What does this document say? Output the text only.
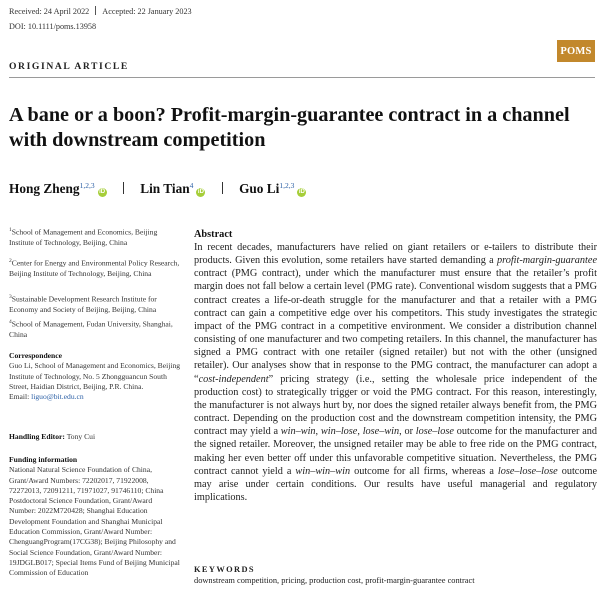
Received: 24 April 2022 Accepted: 22 January 2023
DOI: 10.1111/poms.13958
POMS
ORIGINAL ARTICLE
A bane or a boon? Profit-margin-guarantee contract in a channel with downstream competition
Hong Zheng$^{1,2,3}$iD	Lin Tian$^4$iD	Guo Li$^{1,2,3}$iD
$^1$School of Management and Economics, Beijing Institute of Technology, Beijing, China
$^2$Center for Energy and Environmental Policy Research, Beijing Institute of Technology, Beijing, China
$^3$Sustainable Development Research Institute for Economy and Society of Beijing, Beijing, China
$^4$School of Management, Fudan University, Shanghai, China
Correspondence
Guo Li, School of Management and Economics, Beijing Institute of Technology, No. 5 Zhongguancun South Street, Haidian District, Beijing, P.R. China.
Email: liguo@bit.edu.cn
Handling Editor: Tony Cui
Funding information
National Natural Science Foundation of China, Grant/Award Numbers: 72202017, 71922008, 72272013, 72091211, 71971027, 91746110; China Postdoctoral Science Foundation, Grant/Award Number: 2022M720428; Shanghai Education Development Foundation and Shanghai Municipal Education Commission, Grant/Award Number: ChenguangProgram(17CG38); Beijing Philosophy and Social Science Foundation, Grant/Award Number: 19JDGLB017; Special Items Fund of Beijing Municipal Commission of Education
Abstract

In recent decades, manufacturers have relied on giant retailers or e-tailers to distribute their products. Given this evolution, some retailers have started demanding a profit-margin-guarantee contract (PMG contract), under which the manufacturer must ensure that the retailer’s profit margin does not fall below a certain level (PMG rate). Conventional wisdom suggests that a PMG contract creates a life-or-death struggle for the manufacturer and that a retailer with a PMG contract can gain a competitive edge over his competitors. This study investigates the strategic impact of the PMG contract in a competitive environment. We consider a distribution channel consisting of one manufacturer and two competing retailers. In this channel, the manufacturer has signed a PMG contract with one retailer (signed retailer) but not with the other (unsigned retailer). Our analyses show that in response to the PMG contract, the manufacturer can adopt a “cost-independent” pricing strategy (i.e., setting the wholesale price independent of the production cost) to strategically trigger or void the PMG contract. For this reason, interestingly, the manufacturer is not always hurt by, nor does the signed retailer always benefit from, the PMG contract. Depending on the production cost and the downstream competition intensity, the PMG contract may yield a win–win, win–lose, lose–win, or lose–lose outcome for the manufacturer and the signed retailer. Moreover, the unsigned retailer may be able to free ride on the PMG contract, making her even better off under this unfavorable competitive situation. Nevertheless, the PMG contract cannot yield a win–win–win outcome for all firms, whereas a lose–lose–lose outcome may arise under certain conditions. Our results have useful managerial and regulatory implications.

KEYWORDS
downstream competition, pricing, production cost, profit-margin-guarantee contract
